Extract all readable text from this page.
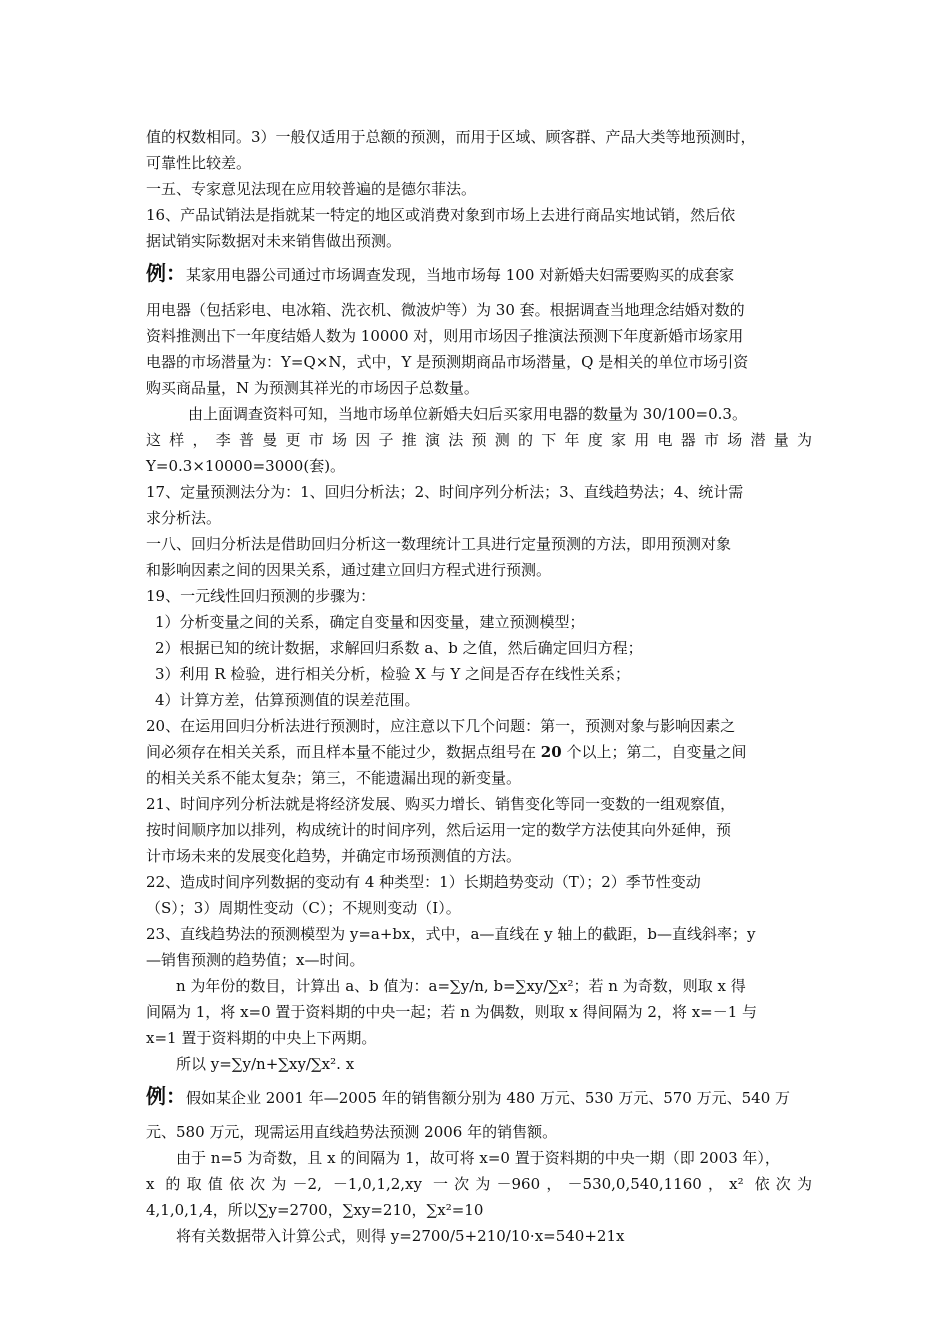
值的权数相同。3）一般仅适用于总额的预测，而用于区域、顾客群、产品大类等地预测时，
可靠性比较差。
一五、专家意见法现在应用较普遍的是德尔菲法。
16、产品试销法是指就某一特定的地区或消费对象到市场上去进行商品实地试销，然后依
据试销实际数据对未来销售做出预测。
例：某家用电器公司通过市场调查发现，当地市场每 100 对新婚夫妇需要购买的成套家
用电器（包括彩电、电冰箱、洗衣机、微波炉等）为 30 套。根据调查当地理念结婚对数的
资料推测出下一年度结婚人数为 10000 对，则用市场因子推演法预测下年度新婚市场家用
电器的市场潜量为：Y=Q×N，式中，Y 是预测期商品市场潜量，Q 是相关的单位市场引资
购买商品量，N 为预测其祥光的市场因子总数量。
由上面调查资料可知，当地市场单位新婚夫妇后买家用电器的数量为 30/100=0.3。
这样，李普曼更市场因子推演法预测的下年度家用电器市场潜量为
Y=0.3×10000=3000(套)。
17、定量预测法分为：1、回归分析法；2、时间序列分析法；3、直线趋势法；4、统计需
求分析法。
一八、回归分析法是借助回归分析这一数理统计工具进行定量预测的方法，即用预测对象
和影响因素之间的因果关系，通过建立回归方程式进行预测。
19、一元线性回归预测的步骤为：
1）分析变量之间的关系，确定自变量和因变量，建立预测模型；
2）根据已知的统计数据，求解回归系数 a、b 之值，然后确定回归方程；
3）利用 R 检验，进行相关分析，检验 X 与 Y 之间是否存在线性关系；
4）计算方差，估算预测值的误差范围。
20、在运用回归分析法进行预测时，应注意以下几个问题：第一，预测对象与影响因素之
间必须存在相关关系，而且样本量不能过少，数据点组号在 20 个以上；第二，自变量之间
的相关关系不能太复杂；第三，不能遗漏出现的新变量。
21、时间序列分析法就是将经济发展、购买力增长、销售变化等同一变数的一组观察值，
按时间顺序加以排列，构成统计的时间序列，然后运用一定的数学方法使其向外延伸，预
计市场未来的发展变化趋势，并确定市场预测值的方法。
22、造成时间序列数据的变动有 4 种类型：1）长期趋势变动（T）；2）季节性变动
（S）；3）周期性变动（C）；不规则变动（I）。
23、直线趋势法的预测模型为 y=a+bx，式中，a—直线在 y 轴上的截距，b—直线斜率；y
—销售预测的趋势值；x—时间。
n 为年份的数目，计算出 a、b 值为：a=∑y/n, b=∑xy/∑x²；若 n 为奇数，则取 x 得
间隔为 1，将 x=0 置于资料期的中央一起；若 n 为偶数，则取 x 得间隔为 2，将 x=－1 与
x=1 置于资料期的中央上下两期。
所以 y=∑y/n+∑xy/∑x². x
例：假如某企业 2001 年—2005 年的销售额分别为 480 万元、530 万元、570 万元、540 万
元、580 万元，现需运用直线趋势法预测 2006 年的销售额。
由于 n=5 为奇数，且 x 的间隔为 1，故可将 x=0 置于资料期的中央一期（即 2003 年），
x 的取值依次为－2, －1,0,1,2,xy 一次为－960，－530,0,540,1160，x² 依次为
4,1,0,1,4，所以∑y=2700，∑xy=210，∑x²=10
将有关数据带入计算公式，则得 y=2700/5+210/10·x=540+21x
